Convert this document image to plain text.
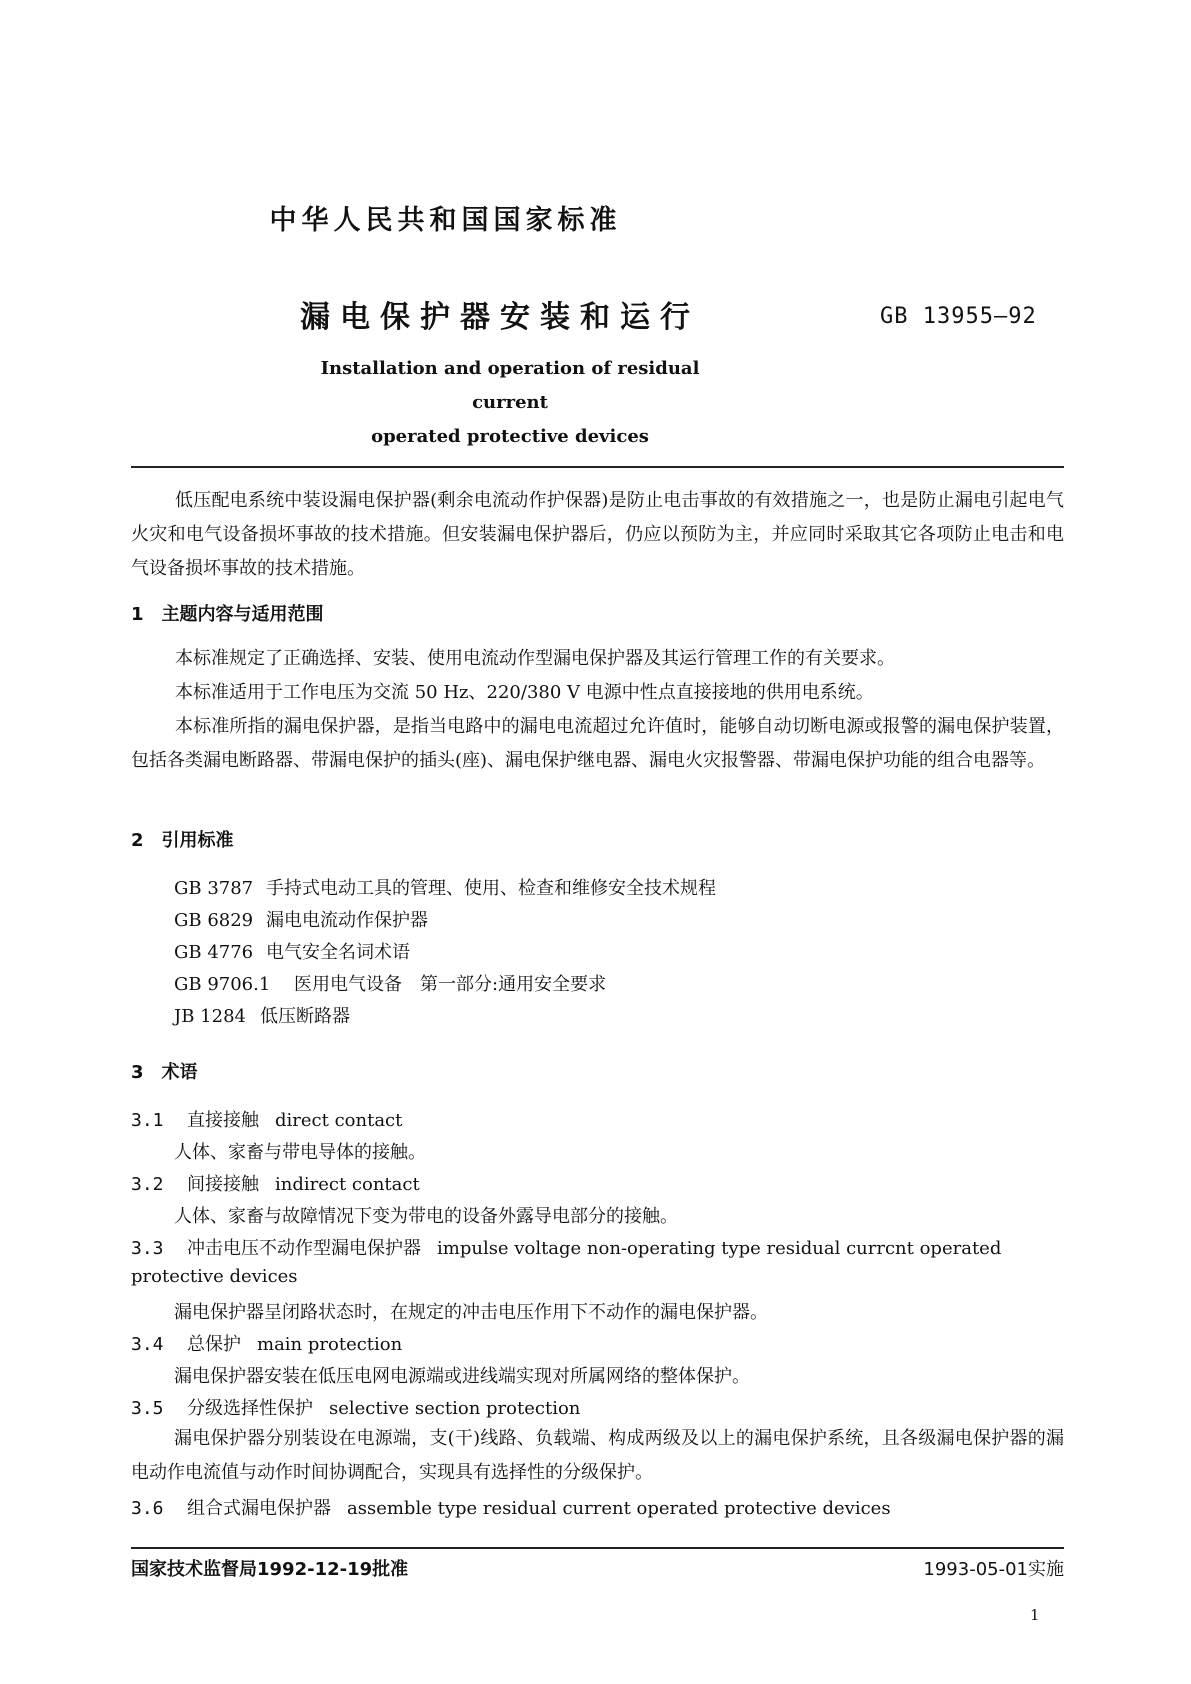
中华人民共和国国家标准
漏电保护器安装和运行	GB 13955—92
Installation and operation of residual current
operated protective devices
低压配电系统中装设漏电保护器(剩余电流动作护保器)是防止电击事故的有效措施之一，也是防止漏电引起电气火灾和电气设备损坏事故的技术措施。但安装漏电保护器后，仍应以预防为主，并应同时采取其它各项防止电击和电气设备损坏事故的技术措施。
1　主题内容与适用范围
本标准规定了正确选择、安装、使用电流动作型漏电保护器及其运行管理工作的有关要求。
本标准适用于工作电压为交流 50 Hz、220/380 V 电源中性点直接接地的供用电系统。
本标准所指的漏电保护器，是指当电路中的漏电电流超过允许值时，能够自动切断电源或报警的漏电保护装置，包括各类漏电断路器、带漏电保护的插头(座)、漏电保护继电器、漏电火灾报警器、带漏电保护功能的组合电器等。
2　引用标准
GB 3787 手持式电动工具的管理、使用、检查和维修安全技术规程
GB 6829 漏电电流动作保护器
GB 4776 电气安全名词术语
GB 9706.1 医用电气设备　第一部分:通用安全要求
JB 1284 低压断路器
3　术语
3.1 直接接触 direct contact
人体、家畜与带电导体的接触。
3.2 间接接触 indirect contact
人体、家畜与故障情况下变为带电的设备外露导电部分的接触。
3.3 冲击电压不动作型漏电保护器 impulse voltage non-operating type residual currcnt operated
protective devices
漏电保护器呈闭路状态时，在规定的冲击电压作用下不动作的漏电保护器。
3.4 总保护 main protection
漏电保护器安装在低压电网电源端或进线端实现对所属网络的整体保护。
3.5 分级选择性保护 selective section protection
漏电保护器分别装设在电源端，支(干)线路、负载端、构成两级及以上的漏电保护系统，且各级漏电保护器的漏电动作电流值与动作时间协调配合，实现具有选择性的分级保护。
3.6 组合式漏电保护器 assemble type residual current operated protective devices
国家技术监督局1992-12-19批准	1993-05-01实施
1
